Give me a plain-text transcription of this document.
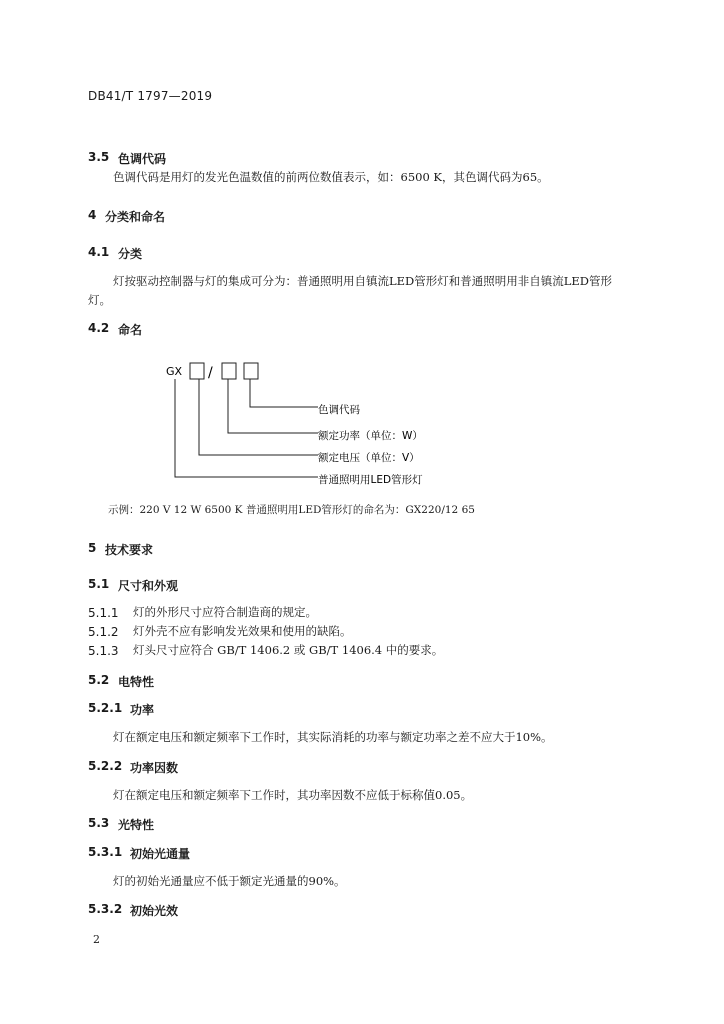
DB41/T 1797—2019
3.5 色调代码
色调代码是用灯的发光色温数值的前两位数值表示，如：6500 K，其色调代码为65。
4 分类和命名
4.1 分类
灯按驱动控制器与灯的集成可分为：普通照明用自镇流LED管形灯和普通照明用非自镇流LED管形
灯。
4.2 命名
GX /
色调代码
额定功率（单位：W）
额定电压（单位：V）
普通照明用LED管形灯
示例：220 V 12 W 6500 K 普通照明用LED管形灯的命名为：GX220/12 65
5 技术要求
5.1 尺寸和外观
5.1.1 灯的外形尺寸应符合制造商的规定。
5.1.2 灯外壳不应有影响发光效果和使用的缺陷。
5.1.3 灯头尺寸应符合 GB/T 1406.2 或 GB/T 1406.4 中的要求。
5.2 电特性
5.2.1 功率
灯在额定电压和额定频率下工作时，其实际消耗的功率与额定功率之差不应大于10%。
5.2.2 功率因数
灯在额定电压和额定频率下工作时，其功率因数不应低于标称值0.05。
5.3 光特性
5.3.1 初始光通量
灯的初始光通量应不低于额定光通量的90%。
5.3.2 初始光效
2
